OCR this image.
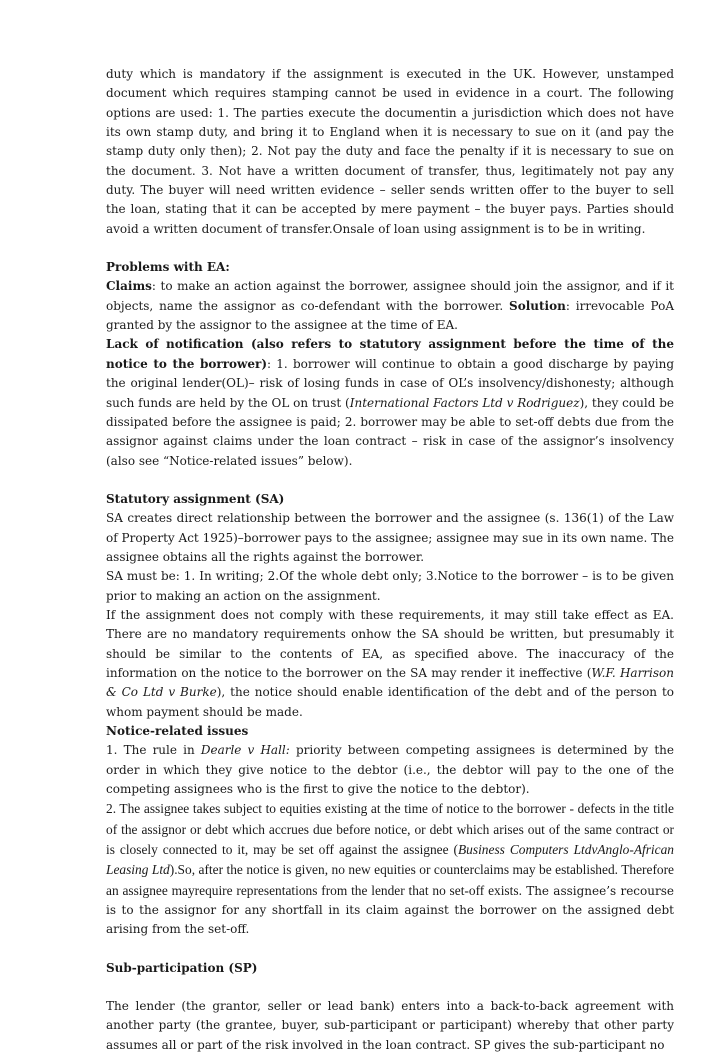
duty which is mandatory if the assignment is executed in the UK. However, unstamped document which requires stamping cannot be used in evidence in a court. The following options are used: 1. The parties execute the documentin a jurisdiction which does not have its own stamp duty, and bring it to England when it is necessary to sue on it (and pay the stamp duty only then); 2. Not pay the duty and face the penalty if it is necessary to sue on the document. 3. Not have a written document of transfer, thus, legitimately not pay any duty. The buyer will need written evidence – seller sends written offer to the buyer to sell the loan, stating that it can be accepted by mere payment – the buyer pays. Parties should avoid a written document of transfer.Onsale of loan using assignment is to be in writing.

Problems with EA:

Claims: to make an action against the borrower, assignee should join the assignor, and if it objects, name the assignor as co-defendant with the borrower. Solution: irrevocable PoA granted by the assignor to the assignee at the time of EA.

Lack of notification (also refers to statutory assignment before the time of the notice to the borrower): 1. borrower will continue to obtain a good discharge by paying the original lender(OL)– risk of losing funds in case of OL’s insolvency/dishonesty; although such funds are held by the OL on trust (International Factors Ltd v Rodriguez), they could be dissipated before the assignee is paid; 2. borrower may be able to set-off debts due from the assignor against claims under the loan contract – risk in case of the assignor’s insolvency (also see “Notice-related issues” below).

Statutory assignment (SA)

SA creates direct relationship between the borrower and the assignee (s. 136(1) of the Law of Property Act 1925)–borrower pays to the assignee; assignee may sue in its own name. The assignee obtains all the rights against the borrower.

SA must be: 1. In writing; 2.Of the whole debt only; 3.Notice to the borrower – is to be given prior to making an action on the assignment.

If the assignment does not comply with these requirements, it may still take effect as EA. There are no mandatory requirements onhow the SA should be written, but presumably it should be similar to the contents of EA, as specified above. The inaccuracy of the information on the notice to the borrower on the SA may render it ineffective (W.F. Harrison & Co Ltd v Burke), the notice should enable identification of the debt and of the person to whom payment should be made.

Notice-related issues

1. The rule in Dearle v Hall: priority between competing assignees is determined by the order in which they give notice to the debtor (i.e., the debtor will pay to the one of the competing assignees who is the first to give the notice to the debtor).

2. The assignee takes subject to equities existing at the time of notice to the borrower - defects in the title of the assignor or debt which accrues due before notice, or debt which arises out of the same contract or is closely connected to it, may be set off against the assignee (Business Computers LtdvAnglo-African Leasing Ltd).So, after the notice is given, no new equities or counterclaims may be established. Therefore an assignee mayrequire representations from the lender that no set-off exists. The assignee’s recourse is to the assignor for any shortfall in its claim against the borrower on the assigned debt arising from the set-off.

Sub-participation (SP)

The lender (the grantor, seller or lead bank) enters into a back-to-back agreement with another party (the grantee, buyer, sub-participant or participant) whereby that other party assumes all or part of the risk involved in the loan contract. SP gives the sub-participant no
